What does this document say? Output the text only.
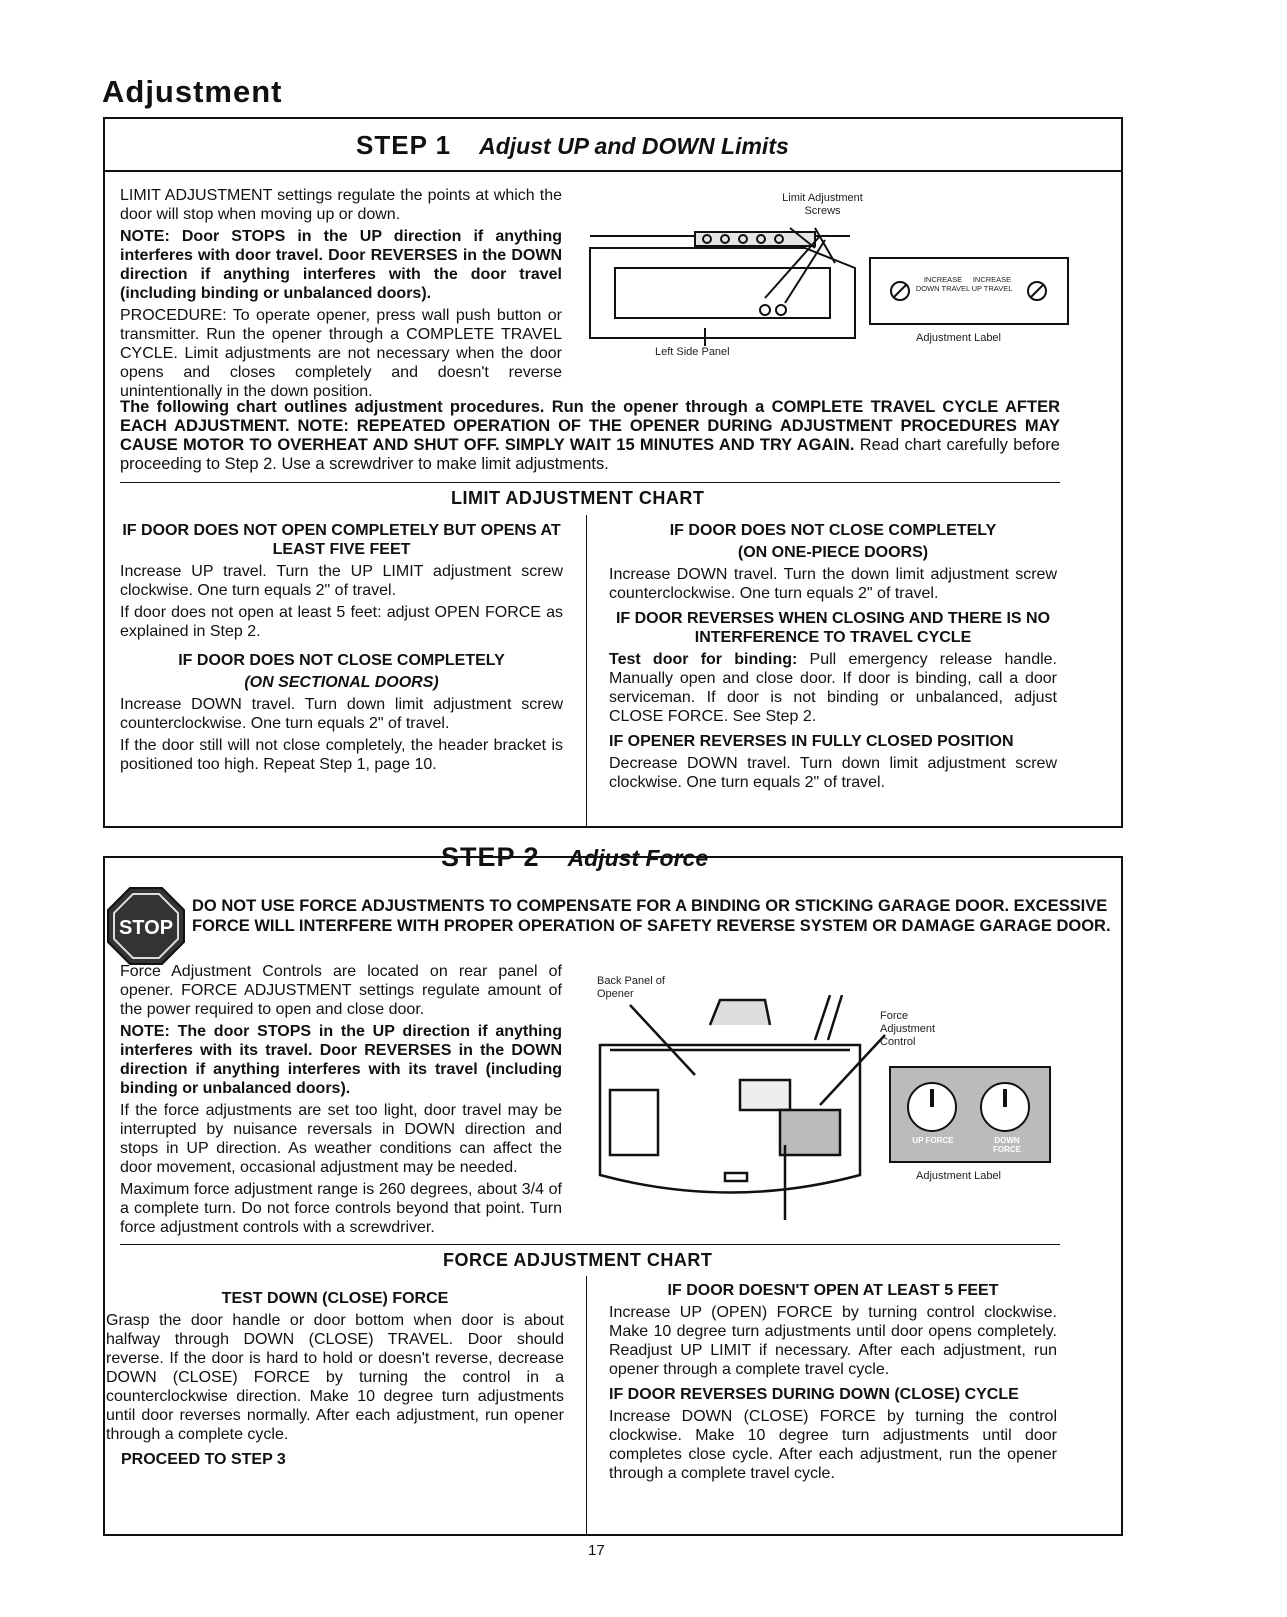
Adjustment
STEP 1 Adjust UP and DOWN Limits

LIMIT ADJUSTMENT settings regulate the points at which the door will stop when moving up or down.

NOTE: Door STOPS in the UP direction if anything interferes with door travel. Door REVERSES in the DOWN direction if anything interferes with the door travel (including binding or unbalanced doors).

PROCEDURE: To operate opener, press wall push button or transmitter. Run the opener through a COMPLETE TRAVEL CYCLE. Limit adjustments are not necessary when the door opens and closes completely and doesn't reverse unintentionally in the down position.

Limit Adjustment Screws
Left Side Panel
Adjustment Label
INCREASE DOWN TRAVEL
INCREASE UP TRAVEL
The following chart outlines adjustment procedures. Run the opener through a COMPLETE TRAVEL CYCLE AFTER EACH ADJUSTMENT. NOTE: REPEATED OPERATION OF THE OPENER DURING ADJUSTMENT PROCEDURES MAY CAUSE MOTOR TO OVERHEAT AND SHUT OFF. SIMPLY WAIT 15 MINUTES AND TRY AGAIN. Read chart carefully before proceeding to Step 2. Use a screwdriver to make limit adjustments.
LIMIT ADJUSTMENT CHART
IF DOOR DOES NOT OPEN COMPLETELY BUT OPENS AT LEAST FIVE FEET

Increase UP travel. Turn the UP LIMIT adjustment screw clockwise. One turn equals 2" of travel.

If door does not open at least 5 feet: adjust OPEN FORCE as explained in Step 2.

IF DOOR DOES NOT CLOSE COMPLETELY
(ON SECTIONAL DOORS)

Increase DOWN travel. Turn down limit adjustment screw counterclockwise. One turn equals 2" of travel.

If the door still will not close completely, the header bracket is positioned too high. Repeat Step 1, page 10.

IF DOOR DOES NOT CLOSE COMPLETELY
(ON ONE-PIECE DOORS)

Increase DOWN travel. Turn the down limit adjustment screw counterclockwise. One turn equals 2" of travel.

IF DOOR REVERSES WHEN CLOSING AND THERE IS NO INTERFERENCE TO TRAVEL CYCLE

Test door for binding: Pull emergency release handle. Manually open and close door. If door is binding, call a door serviceman. If door is not binding or unbalanced, adjust CLOSE FORCE. See Step 2.

IF OPENER REVERSES IN FULLY CLOSED POSITION

Decrease DOWN travel. Turn down limit adjustment screw clockwise. One turn equals 2" of travel.

STEP 2 Adjust Force
STOP
DO NOT USE FORCE ADJUSTMENTS TO COMPENSATE FOR A BINDING OR STICKING GARAGE DOOR. EXCESSIVE FORCE WILL INTERFERE WITH PROPER OPERATION OF SAFETY REVERSE SYSTEM OR DAMAGE GARAGE DOOR.

Force Adjustment Controls are located on rear panel of opener. FORCE ADJUSTMENT settings regulate amount of the power required to open and close door.

NOTE: The door STOPS in the UP direction if anything interferes with its travel. Door REVERSES in the DOWN direction if anything interferes with its travel (including binding or unbalanced doors).

If the force adjustments are set too light, door travel may be interrupted by nuisance reversals in DOWN direction and stops in UP direction. As weather conditions can affect the door movement, occasional adjustment may be needed.

Maximum force adjustment range is 260 degrees, about 3/4 of a complete turn. Do not force controls beyond that point. Turn force adjustment controls with a screwdriver.

Back Panel of Opener
Force Adjustment Control
Adjustment Label
UP FORCE	DOWN FORCE
FORCE ADJUSTMENT CHART
TEST DOWN (CLOSE) FORCE

Grasp the door handle or door bottom when door is about halfway through DOWN (CLOSE) TRAVEL. Door should reverse. If the door is hard to hold or doesn't reverse, decrease DOWN (CLOSE) FORCE by turning the control in a counterclockwise direction. Make 10 degree turn adjustments until door reverses normally. After each adjustment, run opener through a complete cycle.

PROCEED TO STEP 3
IF DOOR DOESN'T OPEN AT LEAST 5 FEET

Increase UP (OPEN) FORCE by turning control clockwise. Make 10 degree turn adjustments until door opens completely. Readjust UP LIMIT if necessary. After each adjustment, run opener through a complete travel cycle.

IF DOOR REVERSES DURING DOWN (CLOSE) CYCLE

Increase DOWN (CLOSE) FORCE by turning the control clockwise. Make 10 degree turn adjustments until door completes close cycle. After each adjustment, run the opener through a complete travel cycle.

17
